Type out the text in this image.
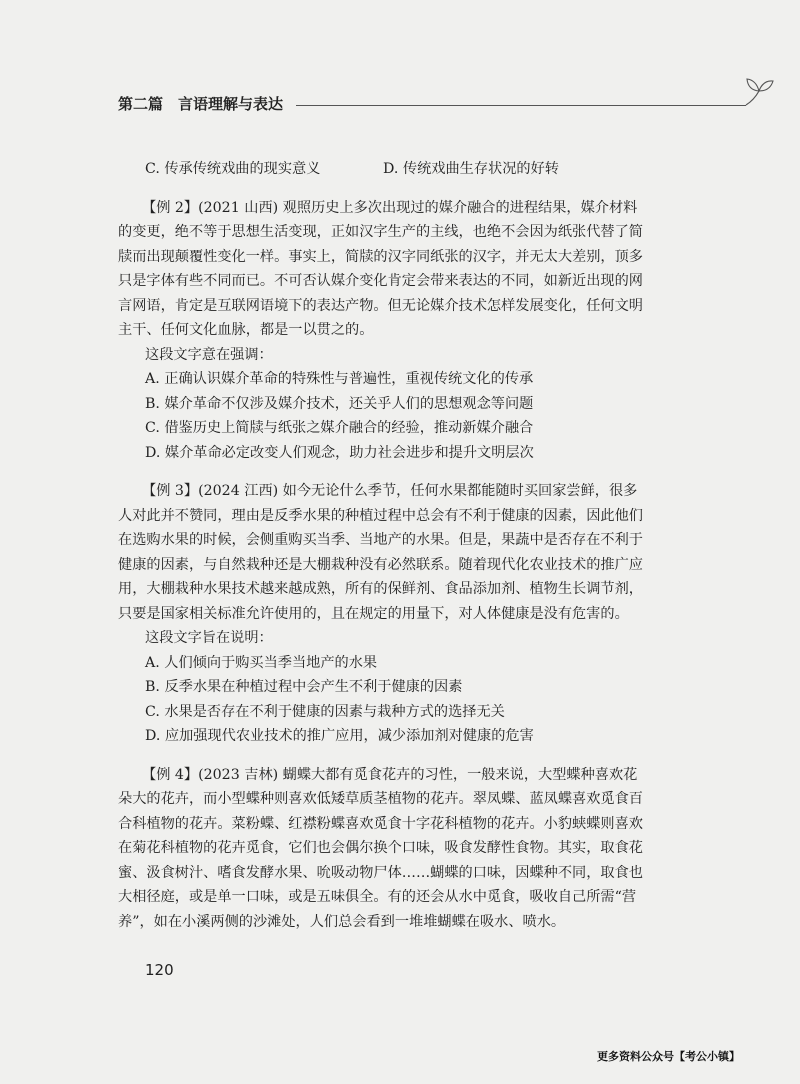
第二篇　言语理解与表达
C. 传承传统戏曲的现实意义	D. 传统戏曲生存状况的好转
【例 2】(2021 山西) 观照历史上多次出现过的媒介融合的进程结果，媒介材料
的变更，绝不等于思想生活变现，正如汉字生产的主线，也绝不会因为纸张代替了简
牍而出现颠覆性变化一样。事实上，简牍的汉字同纸张的汉字，并无太大差别，顶多
只是字体有些不同而已。不可否认媒介变化肯定会带来表达的不同，如新近出现的网
言网语，肯定是互联网语境下的表达产物。但无论媒介技术怎样发展变化，任何文明
主干、任何文化血脉，都是一以贯之的。
这段文字意在强调：
A. 正确认识媒介革命的特殊性与普遍性，重视传统文化的传承
B. 媒介革命不仅涉及媒介技术，还关乎人们的思想观念等问题
C. 借鉴历史上简牍与纸张之媒介融合的经验，推动新媒介融合
D. 媒介革命必定改变人们观念，助力社会进步和提升文明层次
【例 3】(2024 江西) 如今无论什么季节，任何水果都能随时买回家尝鲜，很多
人对此并不赞同，理由是反季水果的种植过程中总会有不利于健康的因素，因此他们
在选购水果的时候，会侧重购买当季、当地产的水果。但是，果蔬中是否存在不利于
健康的因素，与自然栽种还是大棚栽种没有必然联系。随着现代化农业技术的推广应
用，大棚栽种水果技术越来越成熟，所有的保鲜剂、食品添加剂、植物生长调节剂，
只要是国家相关标准允许使用的，且在规定的用量下，对人体健康是没有危害的。
这段文字旨在说明：
A. 人们倾向于购买当季当地产的水果
B. 反季水果在种植过程中会产生不利于健康的因素
C. 水果是否存在不利于健康的因素与栽种方式的选择无关
D. 应加强现代农业技术的推广应用，减少添加剂对健康的危害
【例 4】(2023 吉林) 蝴蝶大都有觅食花卉的习性，一般来说，大型蝶种喜欢花
朵大的花卉，而小型蝶种则喜欢低矮草质茎植物的花卉。翠凤蝶、蓝凤蝶喜欢觅食百
合科植物的花卉。菜粉蝶、红襟粉蝶喜欢觅食十字花科植物的花卉。小豹蛱蝶则喜欢
在菊花科植物的花卉觅食，它们也会偶尔换个口味，吸食发酵性食物。其实，取食花
蜜、汲食树汁、嗜食发酵水果、吮吸动物尸体……蝴蝶的口味，因蝶种不同，取食也
大相径庭，或是单一口味，或是五味俱全。有的还会从水中觅食，吸收自己所需“营
养”，如在小溪两侧的沙滩处，人们总会看到一堆堆蝴蝶在吸水、喷水。
120
更多资料公众号【考公小镇】
